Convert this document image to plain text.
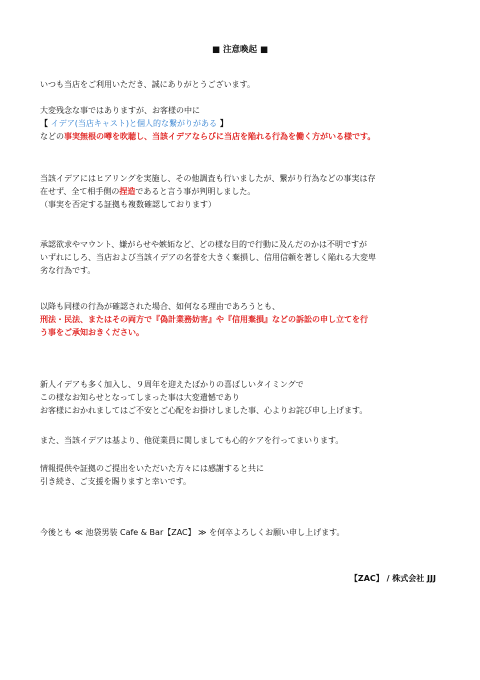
■ 注意喚起 ■
いつも当店をご利用いただき、誠にありがとうございます。
大変残念な事ではありますが、お客様の中に
【 イデア(当店キャスト)と個人的な繋がりがある 】
などの事実無根の噂を吹聴し、当該イデアならびに当店を陥れる行為を働く方がいる様です。
当該イデアにはヒアリングを実施し、その他調査も行いましたが、繋がり行為などの事実は存
在せず、全て相手側の捏造であると言う事が判明しました。
（事実を否定する証拠も複数確認しております）
承認欲求やマウント、嫌がらせや嫉妬など、どの様な目的で行動に及んだのかは不明ですが
いずれにしろ、当店および当該イデアの名誉を大きく棄損し、信用信頼を著しく陥れる大変卑
劣な行為です。
以降も同様の行為が確認された場合、如何なる理由であろうとも、
刑法・民法、またはその両方で『偽計業務妨害』や『信用棄損』などの訴訟の申し立てを行
う事をご承知おきください。
新人イデアも多く加入し、９周年を迎えたばかりの喜ばしいタイミングで
この様なお知らせとなってしまった事は大変遺憾であり
お客様におかれましてはご不安とご心配をお掛けしました事、心よりお詫び申し上げます。
また、当該イデアは基より、他従業員に関しましても心的ケアを行ってまいります。
情報提供や証拠のご提出をいただいた方々には感謝すると共に
引き続き、ご支援を賜りますと幸いです。
今後とも ≪ 池袋男装 Cafe & Bar【ZAC】 ≫ を何卒よろしくお願い申し上げます。
【ZAC】 / 株式会社 JJJ
